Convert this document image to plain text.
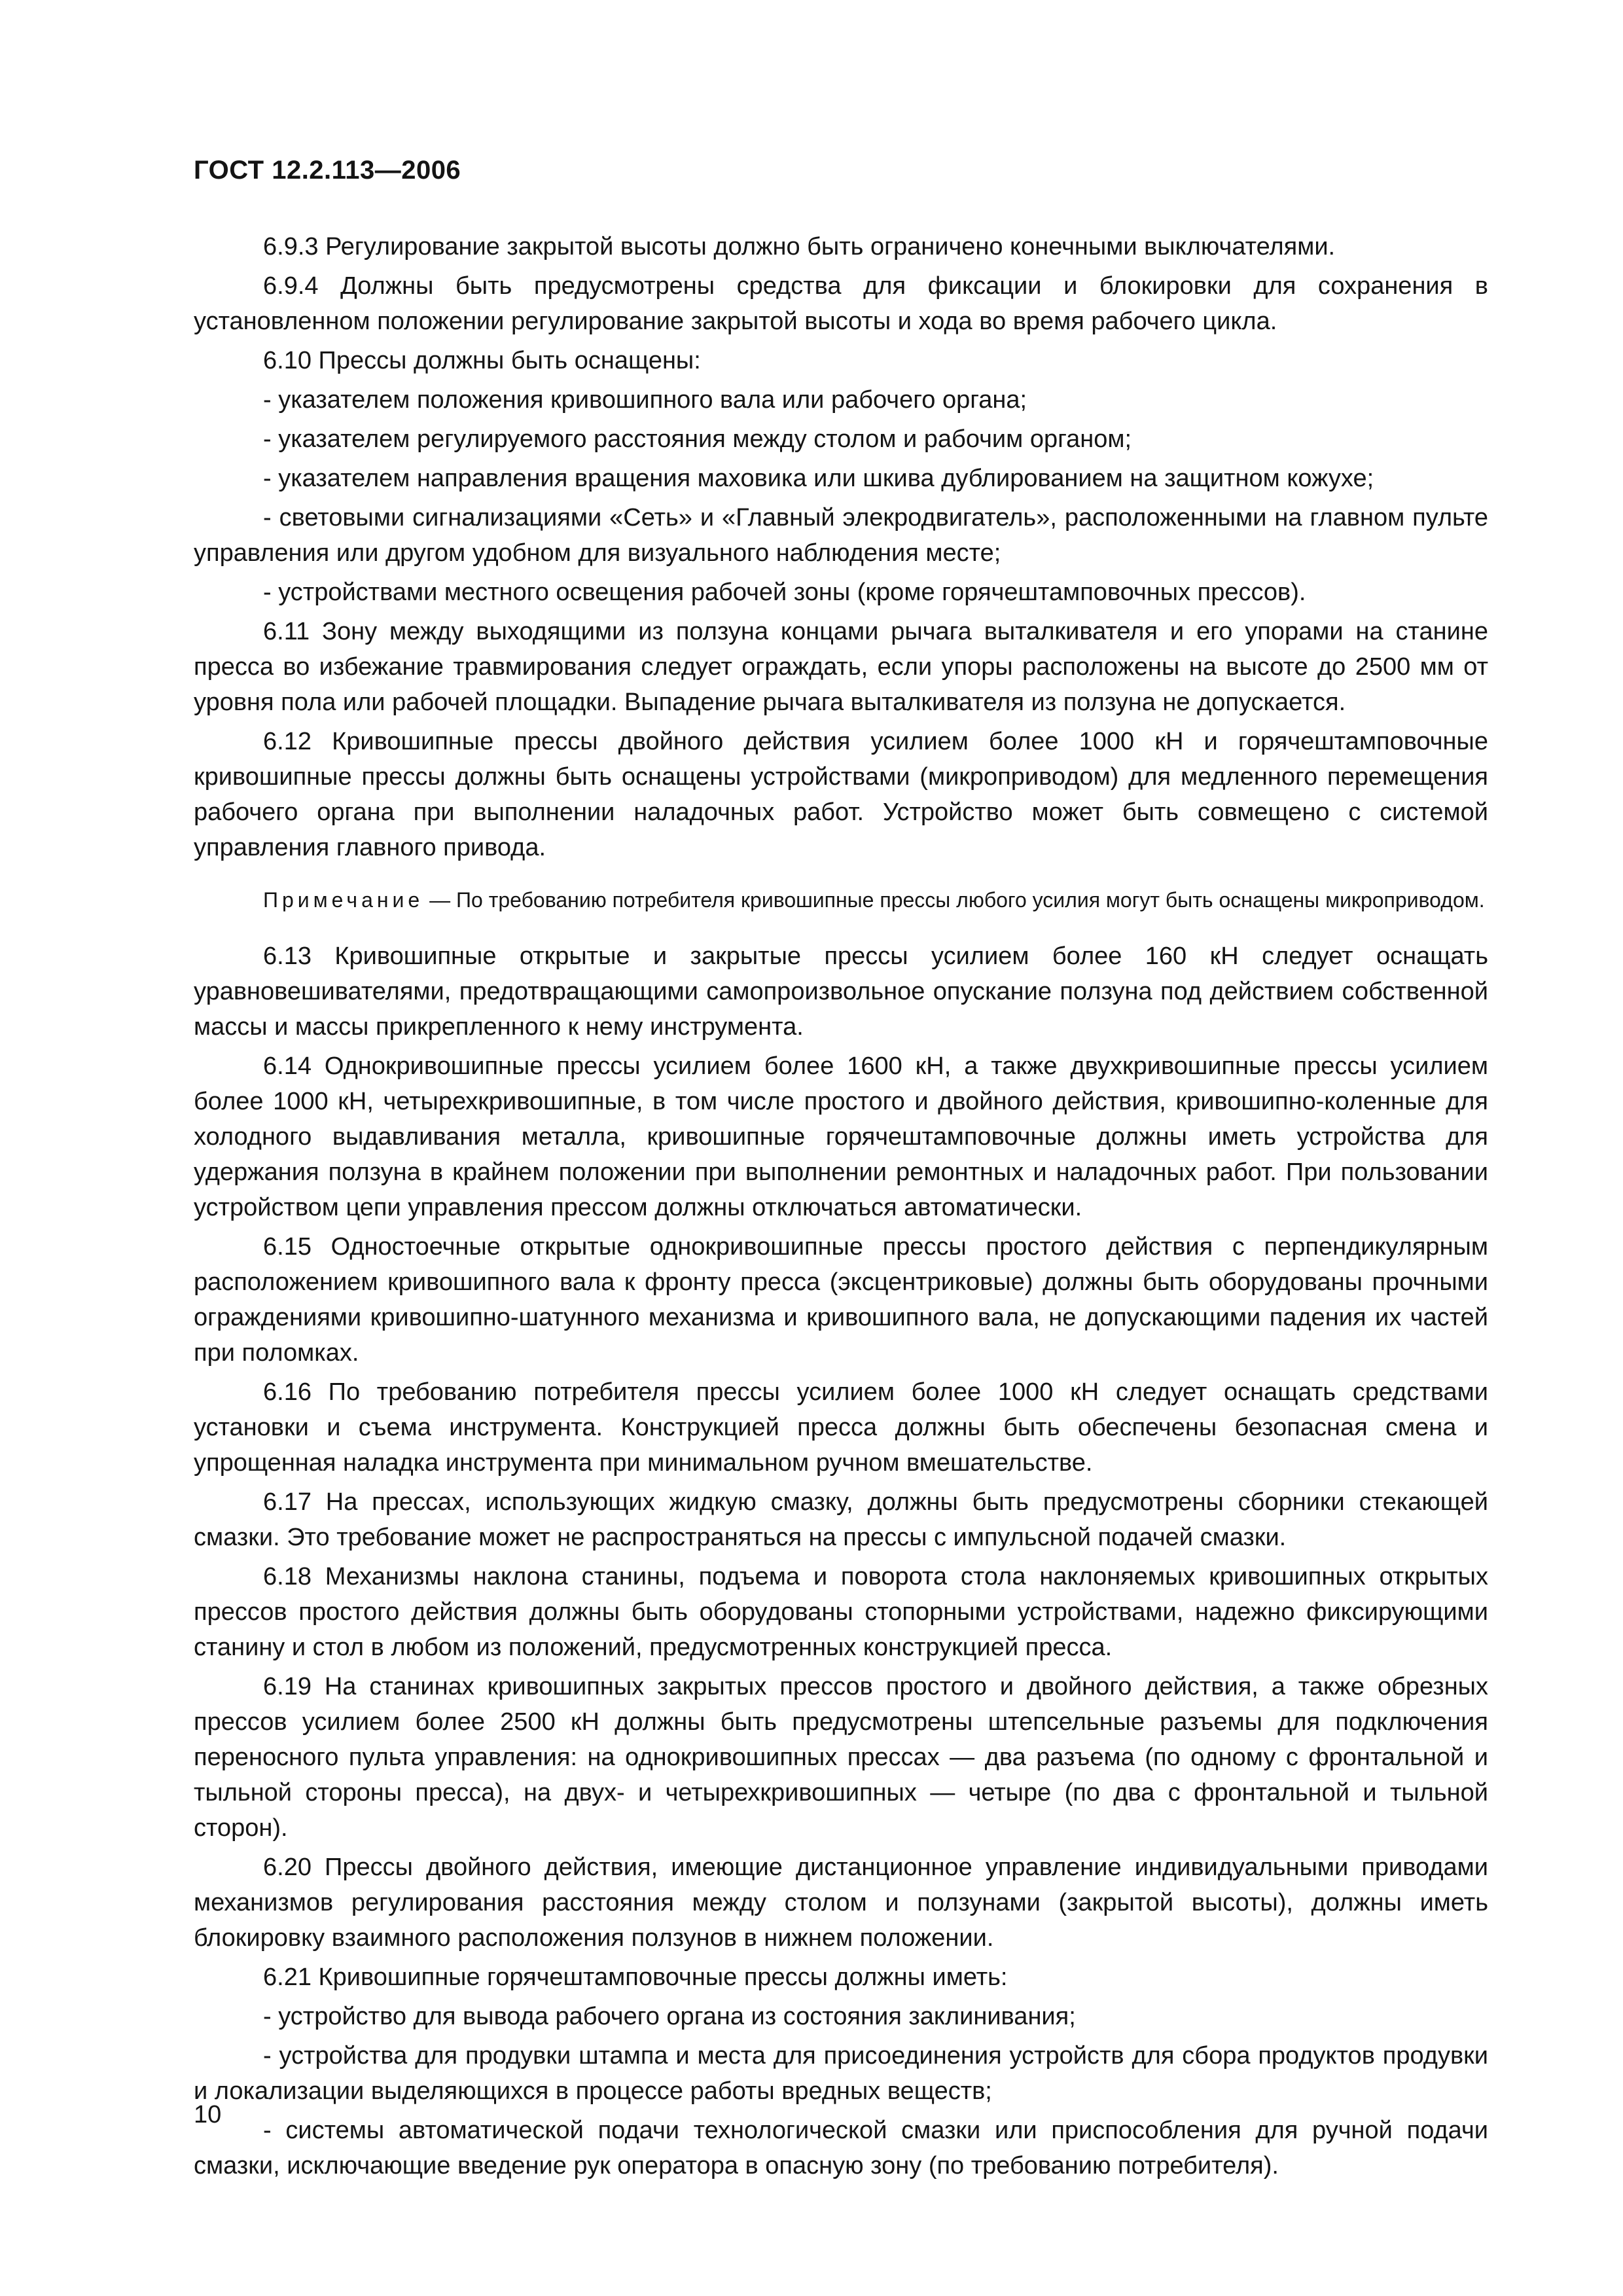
ГОСТ 12.2.113—2006

6.9.3 Регулирование закрытой высоты должно быть ограничено конечными выключателями.

6.9.4 Должны быть предусмотрены средства для фиксации и блокировки для сохранения в установленном положении регулирование закрытой высоты и хода во время рабочего цикла.

6.10 Прессы должны быть оснащены:

- указателем положения кривошипного вала или рабочего органа;

- указателем регулируемого расстояния между столом и рабочим органом;

- указателем направления вращения маховика или шкива дублированием на защитном кожухе;

- световыми сигнализациями «Сеть» и «Главный элекродвигатель», расположенными на главном пульте управления или другом удобном для визуального наблюдения месте;

- устройствами местного освещения рабочей зоны (кроме горячештамповочных прессов).

6.11 Зону между выходящими из ползуна концами рычага выталкивателя и его упорами на станине пресса во избежание травмирования следует ограждать, если упоры расположены на высоте до 2500 мм от уровня пола или рабочей площадки. Выпадение рычага выталкивателя из ползуна не допускается.

6.12 Кривошипные прессы двойного действия усилием более 1000 кН и горячештамповочные кривошипные прессы должны быть оснащены устройствами (микроприводом) для медленного перемещения рабочего органа при выполнении наладочных работ. Устройство может быть совмещено с системой управления главного привода.

Примечание — По требованию потребителя кривошипные прессы любого усилия могут быть оснащены микроприводом.

6.13 Кривошипные открытые и закрытые прессы усилием более 160 кН следует оснащать уравновешивателями, предотвращающими самопроизвольное опускание ползуна под действием собственной массы и массы прикрепленного к нему инструмента.

6.14 Однокривошипные прессы усилием более 1600 кН, а также двухкривошипные прессы усилием более 1000 кН, четырехкривошипные, в том числе простого и двойного действия, кривошипно-коленные для холодного выдавливания металла, кривошипные горячештамповочные должны иметь устройства для удержания ползуна в крайнем положении при выполнении ремонтных и наладочных работ. При пользовании устройством цепи управления прессом должны отключаться автоматически.

6.15 Одностоечные открытые однокривошипные прессы простого действия с перпендикулярным расположением кривошипного вала к фронту пресса (эксцентриковые) должны быть оборудованы прочными ограждениями кривошипно-шатунного механизма и кривошипного вала, не допускающими падения их частей при поломках.

6.16 По требованию потребителя прессы усилием более 1000 кН следует оснащать средствами установки и съема инструмента. Конструкцией пресса должны быть обеспечены безопасная смена и упрощенная наладка инструмента при минимальном ручном вмешательстве.

6.17 На прессах, использующих жидкую смазку, должны быть предусмотрены сборники стекающей смазки. Это требование может не распространяться на прессы с импульсной подачей смазки.

6.18 Механизмы наклона станины, подъема и поворота стола наклоняемых кривошипных открытых прессов простого действия должны быть оборудованы стопорными устройствами, надежно фиксирующими станину и стол в любом из положений, предусмотренных конструкцией пресса.

6.19 На станинах кривошипных закрытых прессов простого и двойного действия, а также обрезных прессов усилием более 2500 кН должны быть предусмотрены штепсельные разъемы для подключения переносного пульта управления: на однокривошипных прессах — два разъема (по одному с фронтальной и тыльной стороны пресса), на двух- и четырехкривошипных — четыре (по два с фронтальной и тыльной сторон).

6.20 Прессы двойного действия, имеющие дистанционное управление индивидуальными приводами механизмов регулирования расстояния между столом и ползунами (закрытой высоты), должны иметь блокировку взаимного расположения ползунов в нижнем положении.

6.21 Кривошипные горячештамповочные прессы должны иметь:

- устройство для вывода рабочего органа из состояния заклинивания;

- устройства для продувки штампа и места для присоединения устройств для сбора продуктов продувки и локализации выделяющихся в процессе работы вредных веществ;

- системы автоматической подачи технологической смазки или приспособления для ручной подачи смазки, исключающие введение рук оператора в опасную зону (по требованию потребителя).

10
